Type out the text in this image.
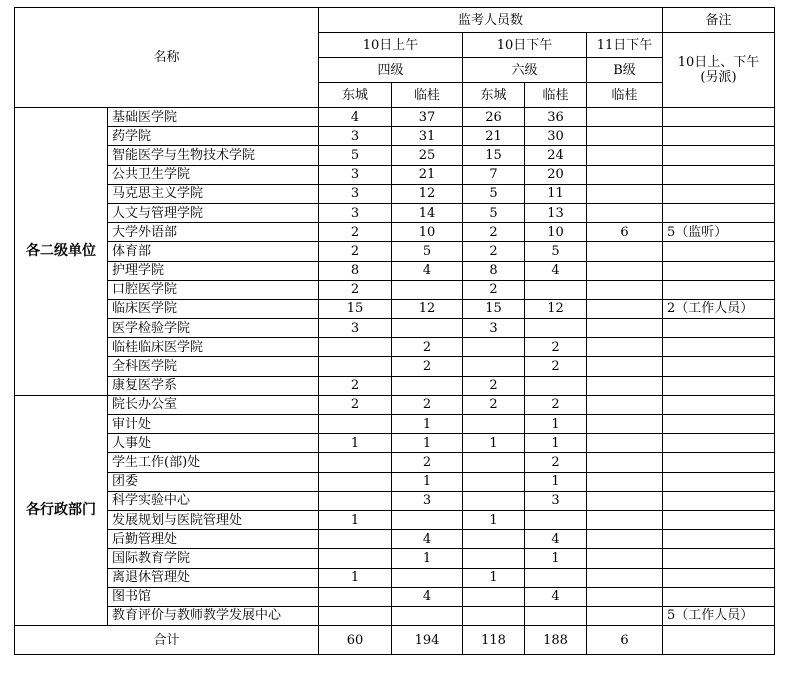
名称		监考人员数					备注
		10日上午		10日下午		11日下午	10日上、下午
(另派)
		四级		六级		B级	
		东城	临桂	东城	临桂	临桂	
各二级单位	基础医学院	4	37	26	36		
	药学院	3	31	21	30		
	智能医学与生物技术学院	5	25	15	24		
	公共卫生学院	3	21	7	20		
	马克思主义学院	3	12	5	11		
	人文与管理学院	3	14	5	13		
	大学外语部	2	10	2	10	6	5（监听）
	体育部	2	5	2	5		
	护理学院	8	4	8	4		
	口腔医学院	2		2			
	临床医学院	15	12	15	12		2（工作人员）
	医学检验学院	3		3			
	临桂临床医学院		2		2		
	全科医学院		2		2		
	康复医学系	2		2			
各行政部门	院长办公室	2	2	2	2		
	审计处		1		1		
	人事处	1	1	1	1		
	学生工作(部)处		2		2		
	团委		1		1		
	科学实验中心		3		3		
	发展规划与医院管理处	1		1			
	后勤管理处		4		4		
	国际教育学院		1		1		
	离退休管理处	1		1			
	图书馆		4		4		
	教育评价与教师教学发展中心						5（工作人员）
合计		60	194	118	188	6	
